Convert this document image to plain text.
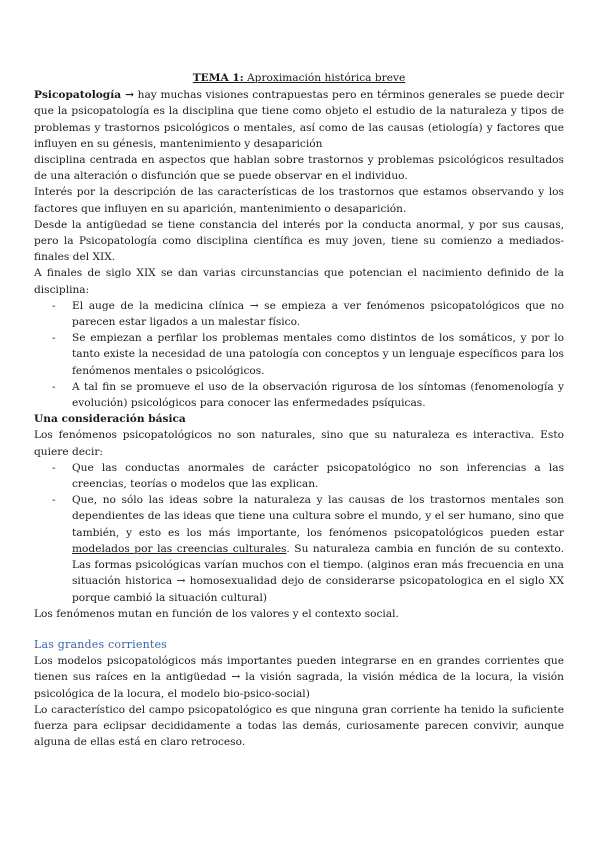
TEMA 1: Aproximación histórica breve

Psicopatología → hay muchas visiones contrapuestas pero en términos generales se puede decir que la psicopatología es la disciplina que tiene como objeto el estudio de la naturaleza y tipos de problemas y trastornos psicológicos o mentales, así como de las causas (etiología) y factores que influyen en su génesis, mantenimiento y desaparición

disciplina centrada en aspectos que hablan sobre trastornos y problemas psicológicos resultados de una alteración o disfunción que se puede observar en el individuo.

Interés por la descripción de las características de los trastornos que estamos observando y los factores que influyen en su aparición, mantenimiento o desaparición.

Desde la antigüedad se tiene constancia del interés por la conducta anormal, y por sus causas, pero la Psicopatología como disciplina científica es muy joven, tiene su comienzo a mediados-finales del XIX.

A finales de siglo XIX se dan varias circunstancias que potencian el nacimiento definido de la disciplina:

- El auge de la medicina clínica → se empieza a ver fenómenos psicopatológicos que no parecen estar ligados a un malestar físico.
- Se empiezan a perfilar los problemas mentales como distintos de los somáticos, y por lo tanto existe la necesidad de una patología con conceptos y un lenguaje específicos para los fenómenos mentales o psicológicos.
- A tal fin se promueve el uso de la observación rigurosa de los síntomas (fenomenología y evolución) psicológicos para conocer las enfermedades psíquicas.

Una consideración básica

Los fenómenos psicopatológicos no son naturales, sino que su naturaleza es interactiva. Esto quiere decir:

- Que las conductas anormales de carácter psicopatológico no son inferencias a las creencias, teorías o modelos que las explican.
- Que, no sólo las ideas sobre la naturaleza y las causas de los trastornos mentales son dependientes de las ideas que tiene una cultura sobre el mundo, y el ser humano, sino que también, y esto es los más importante, los fenómenos psicopatológicos pueden estar modelados por las creencias culturales. Su naturaleza cambia en función de su contexto. Las formas psicológicas varían muchos con el tiempo. (alginos eran más frecuencia en una situación historica → homosexualidad dejo de considerarse psicopatologica en el siglo XX porque cambió la situación cultural)

Los fenómenos mutan en función de los valores y el contexto social.

Las grandes corrientes

Los modelos psicopatológicos más importantes pueden integrarse en en grandes corrientes que tienen sus raíces en la antigüedad → la visión sagrada, la visión médica de la locura, la visión psicológica de la locura, el modelo bio-psico-social)

Lo característico del campo psicopatológico es que ninguna gran corriente ha tenido la suficiente fuerza para eclipsar decididamente a todas las demás, curiosamente parecen convivir, aunque alguna de ellas está en claro retroceso.
